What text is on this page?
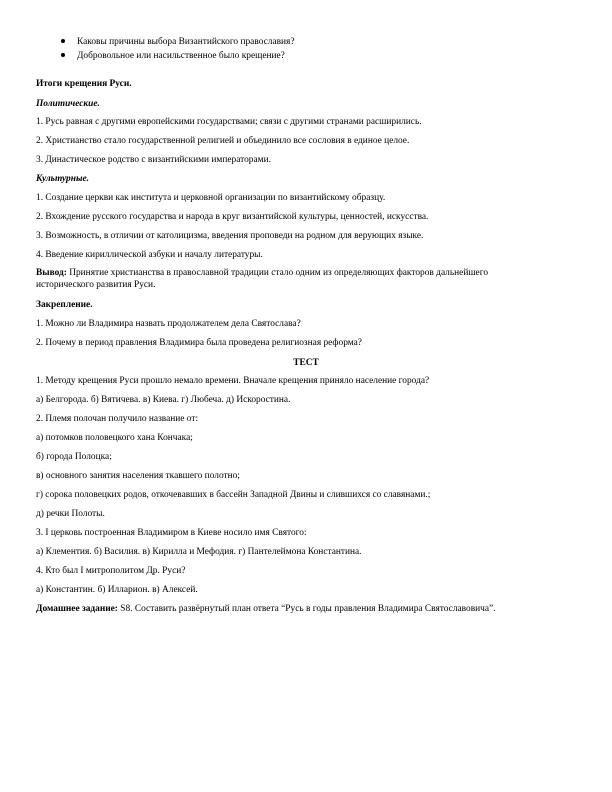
Каковы причины выбора Византийского православия?
Добровольное или насильственное было крещение?
Итоги крещения Руси.
Политические.
1. Русь равная с другими европейскими государствами; связи с другими странами расширились.
2. Христианство стало государственной религией и объединило все сословия в единое целое.
3. Династическое родство с византийскими императорами.
Культурные.
1. Создание церкви как института и церковной организации по византийскому образцу.
2. Вхождение русского государства и народа в круг византийской культуры, ценностей, искусства.
3. Возможность, в отличии от католицизма, введения проповеди на родном для верующих языке.
4. Введение кириллической азбуки и началу литературы.
Вывод: Принятие христианства в православной традиции стало одним из определяющих факторов дальнейшего
исторического развития Руси.
Закрепление.
1. Можно ли Владимира назвать продолжателем дела Святослава?
2. Почему в период правления Владимира была проведена религиозная реформа?
ТЕСТ
1. Методу крещения Руси прошло немало времени. Вначале крещения приняло население города?
а) Белгорода. б) Вятичева. в) Киева. г) Любеча. д) Искоростина.
2. Племя полочан получило название от:
а) потомков половецкого хана Кончака;
б) города Полоцка;
в) основного занятия населения ткавшего полотно;
г) сорока половецких родов, откочевавших в бассейн Западной Двины и слившихся со славянами.;
д) речки Полоты.
3. I церковь построенная Владимиром в Киеве носило имя Святого:
а) Клементия. б) Василия. в) Кирилла и Мефодия. г) Пантелеймона Константина.
4. Кто был I митрополитом Др. Руси?
а) Константин. б) Илларион. в) Алексей.
Домашнее задание: S8. Составить развёрнутый план ответа “Русь в годы правления Владимира Святославовича”.
